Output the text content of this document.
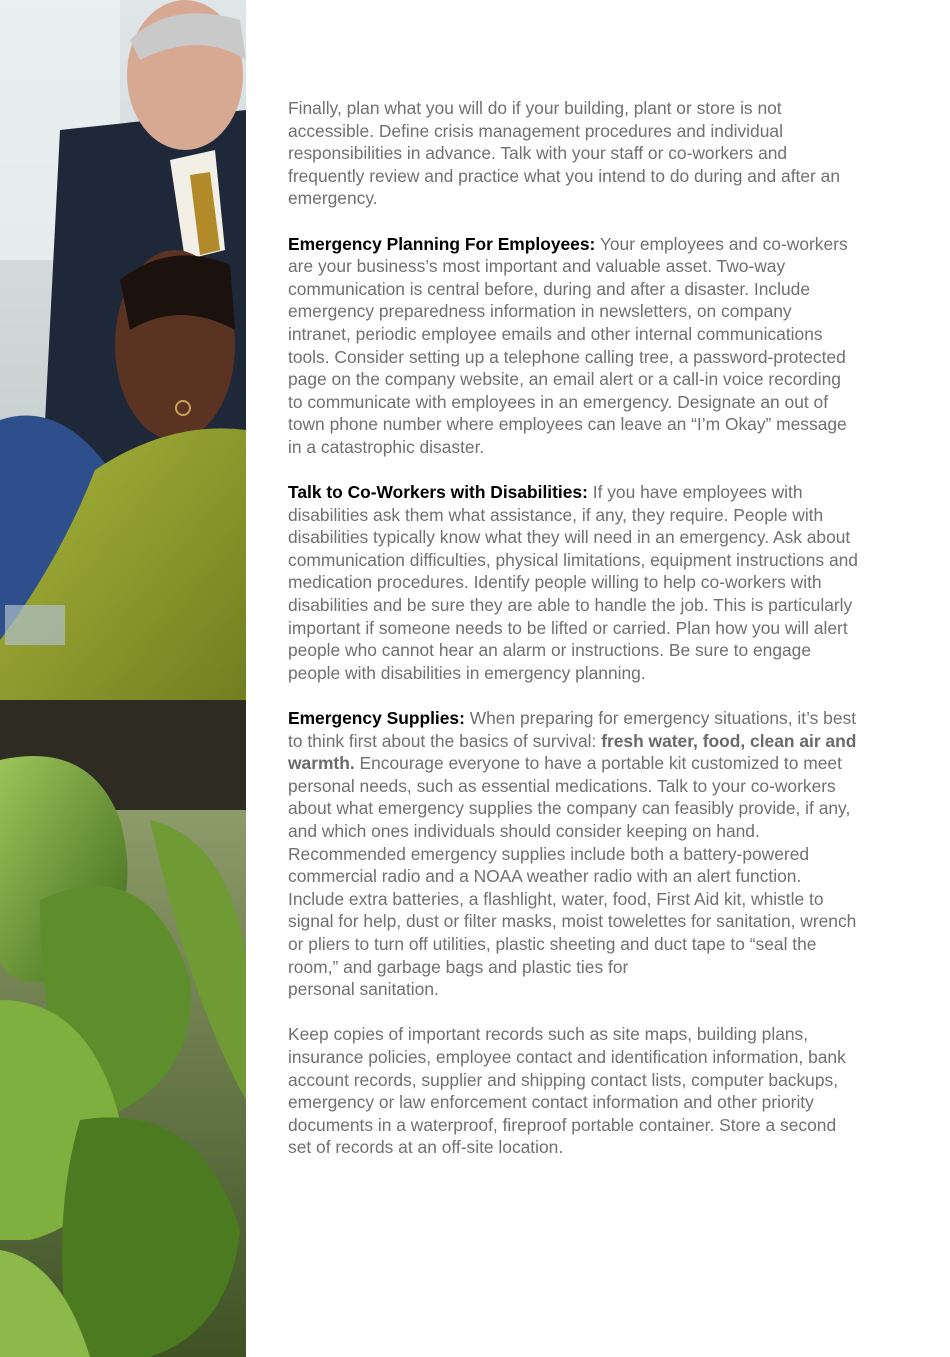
Finally, plan what you will do if your building, plant or store is not accessible. Define crisis management procedures and individual responsibilities in advance. Talk with your staff or co-workers and frequently review and practice what you intend to do during and after an emergency.

Emergency Planning For Employees: Your employees and co-workers are your business’s most important and valuable asset. Two-way communication is central before, during and after a disaster. Include emergency preparedness information in newsletters, on company intranet, periodic employee emails and other internal communications tools. Consider setting up a telephone calling tree, a password-protected page on the company website, an email alert or a call-in voice recording to communicate with employees in an emergency. Designate an out of town phone number where employees can leave an “I’m Okay” message in a catastrophic disaster.

Talk to Co-Workers with Disabilities: If you have employees with disabilities ask them what assistance, if any, they require. People with disabilities typically know what they will need in an emergency. Ask about communication difficulties, physical limitations, equipment instructions and medication procedures. Identify people willing to help co-workers with disabilities and be sure they are able to handle the job. This is particularly important if someone needs to be lifted or carried. Plan how you will alert people who cannot hear an alarm or instructions. Be sure to engage people with disabilities in emergency planning.

Emergency Supplies: When preparing for emergency situations, it’s best to think first about the basics of survival: fresh water, food, clean air and warmth. Encourage everyone to have a portable kit customized to meet personal needs, such as essential medications. Talk to your co-workers about what emergency supplies the company can feasibly provide, if any, and which ones individuals should consider keeping on hand. Recommended emergency supplies include both a battery-powered commercial radio and a NOAA weather radio with an alert function. Include extra batteries, a flashlight, water, food, First Aid kit, whistle to signal for help, dust or filter masks, moist towelettes for sanitation, wrench or pliers to turn off utilities, plastic sheeting and duct tape to “seal the room,” and garbage bags and plastic ties for
personal sanitation.

Keep copies of important records such as site maps, building plans, insurance policies, employee contact and identification information, bank account records, supplier and shipping contact lists, computer backups, emergency or law enforcement contact information and other priority documents in a waterproof, fireproof portable container. Store a second set of records at an off-site location.
